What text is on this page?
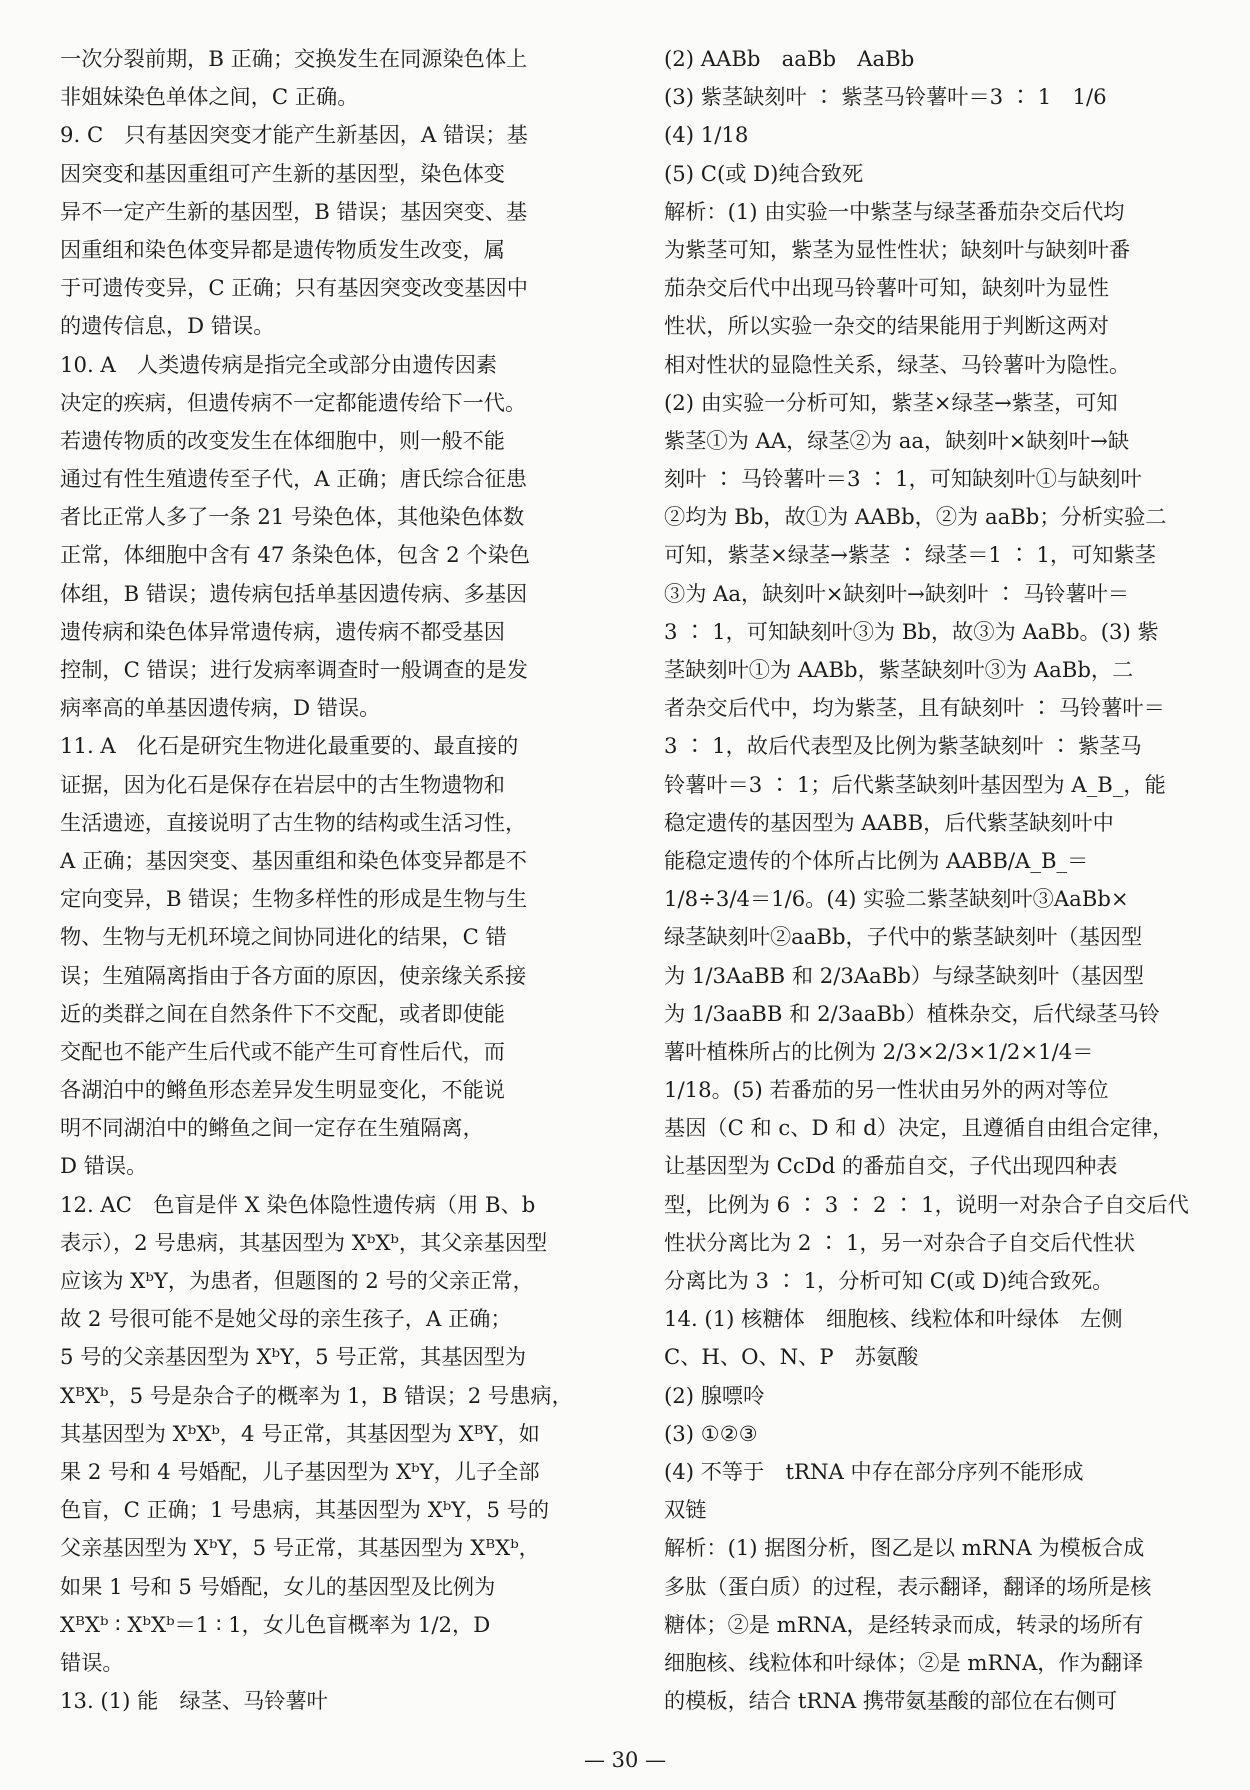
一次分裂前期，B 正确；交换发生在同源染色体上
非姐妹染色单体之间，C 正确。
9. C　只有基因突变才能产生新基因，A 错误；基
因突变和基因重组可产生新的基因型，染色体变
异不一定产生新的基因型，B 错误；基因突变、基
因重组和染色体变异都是遗传物质发生改变，属
于可遗传变异，C 正确；只有基因突变改变基因中
的遗传信息，D 错误。
10. A　人类遗传病是指完全或部分由遗传因素
决定的疾病，但遗传病不一定都能遗传给下一代。
若遗传物质的改变发生在体细胞中，则一般不能
通过有性生殖遗传至子代，A 正确；唐氏综合征患
者比正常人多了一条 21 号染色体，其他染色体数
正常，体细胞中含有 47 条染色体，包含 2 个染色
体组，B 错误；遗传病包括单基因遗传病、多基因
遗传病和染色体异常遗传病，遗传病不都受基因
控制，C 错误；进行发病率调查时一般调查的是发
病率高的单基因遗传病，D 错误。
11. A　化石是研究生物进化最重要的、最直接的
证据，因为化石是保存在岩层中的古生物遗物和
生活遗迹，直接说明了古生物的结构或生活习性，
A 正确；基因突变、基因重组和染色体变异都是不
定向变异，B 错误；生物多样性的形成是生物与生
物、生物与无机环境之间协同进化的结果，C 错
误；生殖隔离指由于各方面的原因，使亲缘关系接
近的类群之间在自然条件下不交配，或者即使能
交配也不能产生后代或不能产生可育性后代，而
各湖泊中的鳉鱼形态差异发生明显变化，不能说
明不同湖泊中的鳉鱼之间一定存在生殖隔离，
D 错误。
12. AC　色盲是伴 X 染色体隐性遗传病（用 B、b
表示），2 号患病，其基因型为 XᵇXᵇ，其父亲基因型
应该为 XᵇY，为患者，但题图的 2 号的父亲正常，
故 2 号很可能不是她父母的亲生孩子，A 正确；
5 号的父亲基因型为 XᵇY，5 号正常，其基因型为
XᴮXᵇ，5 号是杂合子的概率为 1，B 错误；2 号患病，
其基因型为 XᵇXᵇ，4 号正常，其基因型为 XᴮY，如
果 2 号和 4 号婚配，儿子基因型为 XᵇY，儿子全部
色盲，C 正确；1 号患病，其基因型为 XᵇY，5 号的
父亲基因型为 XᵇY，5 号正常，其基因型为 XᴮXᵇ，
如果 1 号和 5 号婚配，女儿的基因型及比例为
XᴮXᵇ ∶ XᵇXᵇ＝1 ∶ 1，女儿色盲概率为 1/2，D
错误。
13. (1) 能　绿茎、马铃薯叶
(2) AABb　aaBb　AaBb
(3) 紫茎缺刻叶 ∶ 紫茎马铃薯叶＝3 ∶ 1　1/6
(4) 1/18
(5) C(或 D)纯合致死
解析：(1) 由实验一中紫茎与绿茎番茄杂交后代均
为紫茎可知，紫茎为显性性状；缺刻叶与缺刻叶番
茄杂交后代中出现马铃薯叶可知，缺刻叶为显性
性状，所以实验一杂交的结果能用于判断这两对
相对性状的显隐性关系，绿茎、马铃薯叶为隐性。
(2) 由实验一分析可知，紫茎×绿茎→紫茎，可知
紫茎①为 AA，绿茎②为 aa，缺刻叶×缺刻叶→缺
刻叶 ∶ 马铃薯叶＝3 ∶ 1，可知缺刻叶①与缺刻叶
②均为 Bb，故①为 AABb，②为 aaBb；分析实验二
可知，紫茎×绿茎→紫茎 ∶ 绿茎＝1 ∶ 1，可知紫茎
③为 Aa，缺刻叶×缺刻叶→缺刻叶 ∶ 马铃薯叶＝
3 ∶ 1，可知缺刻叶③为 Bb，故③为 AaBb。(3) 紫
茎缺刻叶①为 AABb，紫茎缺刻叶③为 AaBb，二
者杂交后代中，均为紫茎，且有缺刻叶 ∶ 马铃薯叶＝
3 ∶ 1，故后代表型及比例为紫茎缺刻叶 ∶ 紫茎马
铃薯叶＝3 ∶ 1；后代紫茎缺刻叶基因型为 A_B_，能
稳定遗传的基因型为 AABB，后代紫茎缺刻叶中
能稳定遗传的个体所占比例为 AABB/A_B_＝
1/8÷3/4＝1/6。(4) 实验二紫茎缺刻叶③AaBb×
绿茎缺刻叶②aaBb，子代中的紫茎缺刻叶（基因型
为 1/3AaBB 和 2/3AaBb）与绿茎缺刻叶（基因型
为 1/3aaBB 和 2/3aaBb）植株杂交，后代绿茎马铃
薯叶植株所占的比例为 2/3×2/3×1/2×1/4＝
1/18。(5) 若番茄的另一性状由另外的两对等位
基因（C 和 c、D 和 d）决定，且遵循自由组合定律，
让基因型为 CcDd 的番茄自交，子代出现四种表
型，比例为 6 ∶ 3 ∶ 2 ∶ 1，说明一对杂合子自交后代
性状分离比为 2 ∶ 1，另一对杂合子自交后代性状
分离比为 3 ∶ 1，分析可知 C(或 D)纯合致死。
14. (1) 核糖体　细胞核、线粒体和叶绿体　左侧
C、H、O、N、P　苏氨酸
(2) 腺嘌呤
(3) ①②③
(4) 不等于　tRNA 中存在部分序列不能形成
双链
解析：(1) 据图分析，图乙是以 mRNA 为模板合成
多肽（蛋白质）的过程，表示翻译，翻译的场所是核
糖体；②是 mRNA，是经转录而成，转录的场所有
细胞核、线粒体和叶绿体；②是 mRNA，作为翻译
的模板，结合 tRNA 携带氨基酸的部位在右侧可
— 30 —
